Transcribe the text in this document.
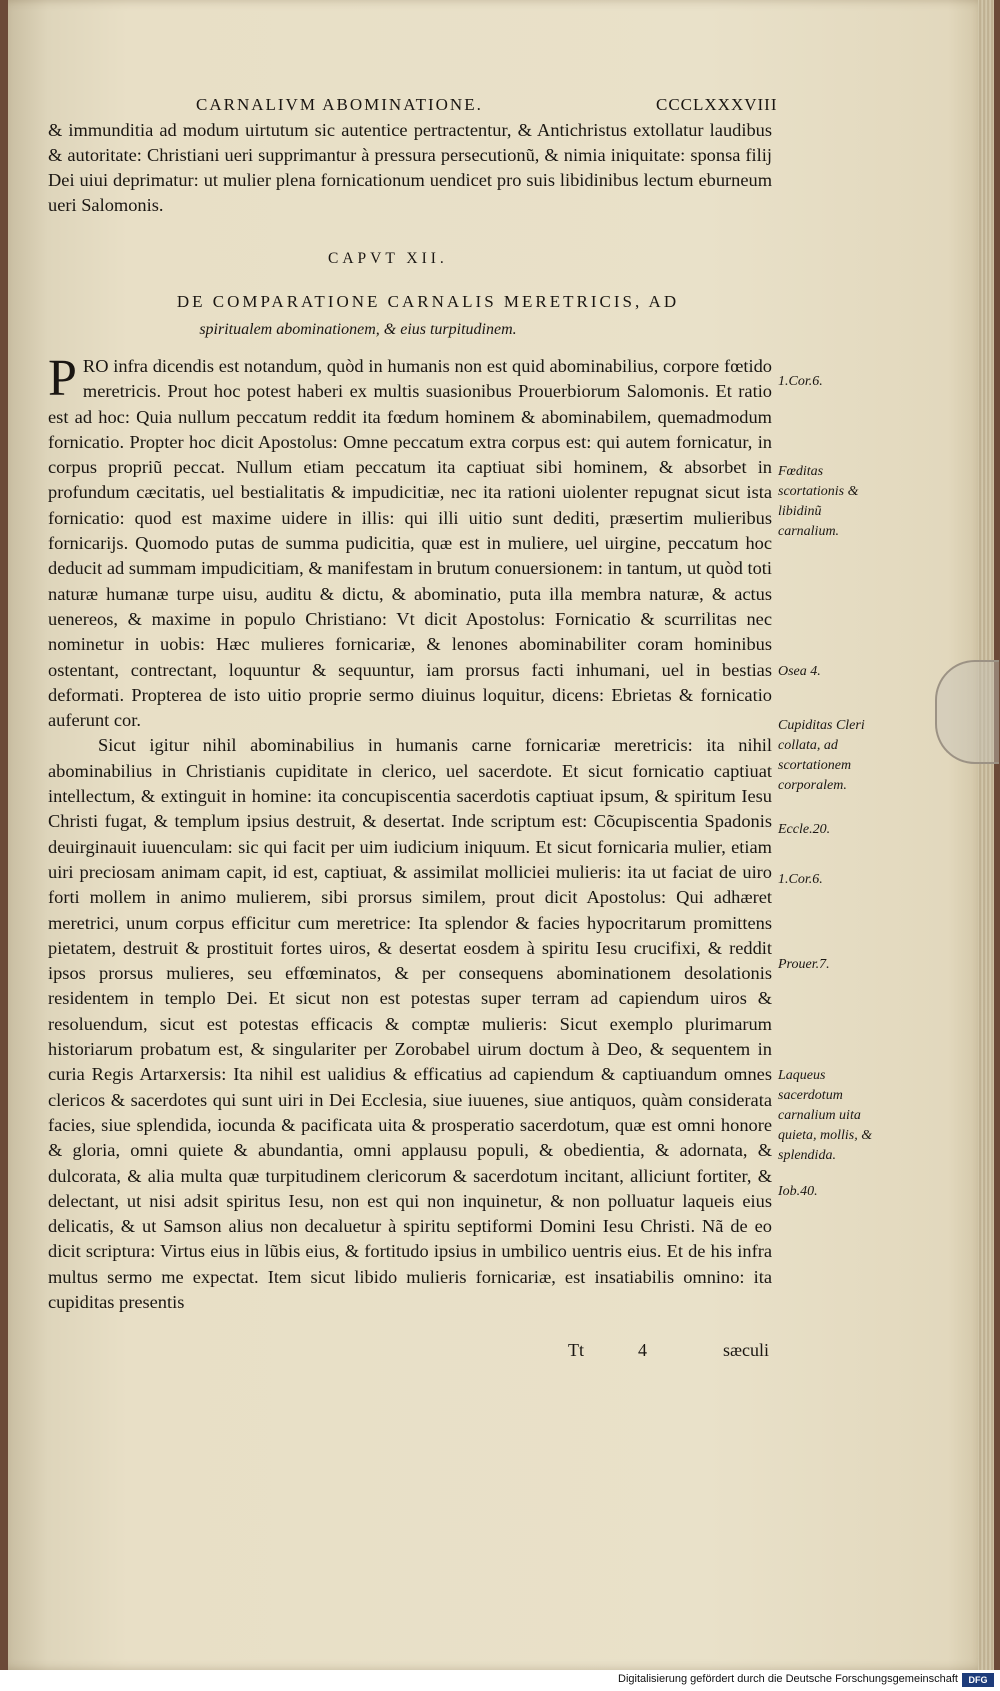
CARNALIVM ABOMINATIONE.	CCCLXXXVIII

& immunditia ad modum uirtutum sic autentice pertractentur, & Antichristus extollatur laudibus & autoritate: Christiani ueri supprimantur à pressura persecutionũ, & nimia iniquitate: sponsa filij Dei uiui deprimatur: ut mulier plena fornicationum uendicet pro suis libidinibus lectum eburneum ueri Salomonis.

CAPVT XII.
DE COMPARATIONE CARNALIS MERETRICIS, AD
spiritualem abominationem, & eius turpitudinem.

PRO infra dicendis est notandum, quòd in humanis non est quid abominabilius, corpore fœtido meretricis. Prout hoc potest haberi ex multis suasionibus Prouerbiorum Salomonis. Et ratio est ad hoc: Quia nullum peccatum reddit ita fœdum hominem & abominabilem, quemadmodum fornicatio. Propter hoc dicit Apostolus: Omne peccatum extra corpus est: qui autem fornicatur, in corpus propriũ peccat. Nullum etiam peccatum ita captiuat sibi hominem, & absorbet in profundum cæcitatis, uel bestialitatis & impudicitiæ, nec ita rationi uiolenter repugnat sicut ista fornicatio: quod est maxime uidere in illis: qui illi uitio sunt dediti, præsertim mulieribus fornicarijs. Quomodo putas de summa pudicitia, quæ est in muliere, uel uirgine, peccatum hoc deducit ad summam impudicitiam, & manifestam in brutum conuersionem: in tantum, ut quòd toti naturæ humanæ turpe uisu, auditu & dictu, & abominatio, puta illa membra naturæ, & actus uenereos, & maxime in populo Christiano: Vt dicit Apostolus: Fornicatio & scurrilitas nec nominetur in uobis: Hæc mulieres fornicariæ, & lenones abominabiliter coram hominibus ostentant, contrectant, loquuntur & sequuntur, iam prorsus facti inhumani, uel in bestias deformati. Propterea de isto uitio proprie sermo diuinus loquitur, dicens: Ebrietas & fornicatio auferunt cor.

Sicut igitur nihil abominabilius in humanis carne fornicariæ meretricis: ita nihil abominabilius in Christianis cupiditate in clerico, uel sacerdote. Et sicut fornicatio captiuat intellectum, & extinguit in homine: ita concupiscentia sacerdotis captiuat ipsum, & spiritum Iesu Christi fugat, & templum ipsius destruit, & desertat. Inde scriptum est: Cõcupiscentia Spadonis deuirginauit iuuenculam: sic qui facit per uim iudicium iniquum. Et sicut fornicaria mulier, etiam uiri preciosam animam capit, id est, captiuat, & assimilat molliciei mulieris: ita ut faciat de uiro forti mollem in animo mulierem, sibi prorsus similem, prout dicit Apostolus: Qui adhæret meretrici, unum corpus efficitur cum meretrice: Ita splendor & facies hypocritarum promittens pietatem, destruit & prostituit fortes uiros, & desertat eosdem à spiritu Iesu crucifixi, & reddit ipsos prorsus mulieres, seu effœminatos, & per consequens abominationem desolationis residentem in templo Dei. Et sicut non est potestas super terram ad capiendum uiros & resoluendum, sicut est potestas efficacis & comptæ mulieris: Sicut exemplo plurimarum historiarum probatum est, & singulariter per Zorobabel uirum doctum à Deo, & sequentem in curia Regis Artarxersis: Ita nihil est ualidius & efficatius ad capiendum & captiuandum omnes clericos & sacerdotes qui sunt uiri in Dei Ecclesia, siue iuuenes, siue antiquos, quàm considerata facies, siue splendida, iocunda & pacificata uita & prosperatio sacerdotum, quæ est omni honore & gloria, omni quiete & abundantia, omni applausu populi, & obedientia, & adornata, & dulcorata, & alia multa quæ turpitudinem clericorum & sacerdotum incitant, alliciunt fortiter, & delectant, ut nisi adsit spiritus Iesu, non est qui non inquinetur, & non polluatur laqueis eius delicatis, & ut Samson alius non decaluetur à spiritu septiformi Domini Iesu Christi. Nã de eo dicit scriptura: Virtus eius in lũbis eius, & fortitudo ipsius in umbilico uentris eius. Et de his infra multus sermo me expectat. Item sicut libido mulieris fornicariæ, est insatiabilis omnino: ita cupiditas presentis

1.Cor.6.
Fœditas scortationis & libidinũ carnalium.
Osea 4.
Cupiditas Cleri collata, ad scortationem corporalem.
Eccle.20.
1.Cor.6.
Prouer.7.
Laqueus sacerdotum carnalium uita quieta, mollis, & splendida.
Iob.40.
Tt	4	sæculi
Digitalisierung gefördert durch die Deutsche Forschungsgemeinschaft	DFG
